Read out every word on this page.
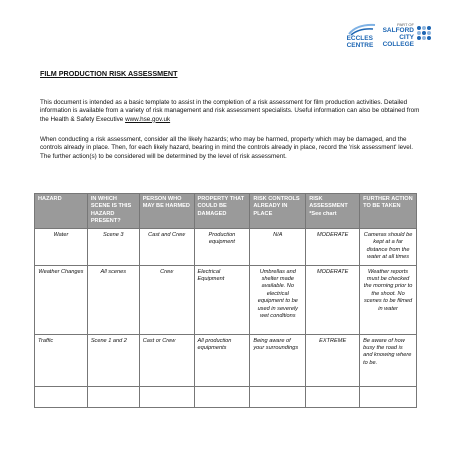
ECCLES
CENTRE
PART OF
SALFORD
CITY
COLLEGE
FILM PRODUCTION RISK ASSESSMENT
This document is intended as a basic template to assist in the completion of a risk assessment for film production activities. Detailed information is available from a variety of risk management and risk assessment specialists. Useful information can also be obtained from the Health & Safety Executive www.hse.gov.uk
When conducting a risk assessment, consider all the likely hazards; who may be harmed, property which may be damaged, and the controls already in place. Then, for each likely hazard, bearing in mind the controls already in place, record the 'risk assessment' level. The further action(s) to be considered will be determined by the level of risk assessment.
HAZARD	IN WHICH SCENE IS THIS HAZARD PRESENT?	PERSON WHO MAY BE HARMED	PROPERTY THAT COULD BE DAMAGED	RISK CONTROLS ALREADY IN PLACE	RISK ASSESSMENT *See chart	FURTHER ACTION TO BE TAKEN
Water	Scene 3	Cast and Crew	Production equipment	N/A	MODERATE	Cameras should be kept at a far distance from the water at all times
Weather Changes	All scenes	Crew	Electrical Equipment	Umbrellas and shelter made available. No electrical equipment to be used in severely wet conditions	MODERATE	Weather reports must be checked the morning prior to the shoot. No scenes to be filmed in water
Traffic	Scene 1 and 2	Cast or Crew	All production equipments	Being aware of your surroundings	EXTREME	Be aware of how busy the road is and knowing where to be.
